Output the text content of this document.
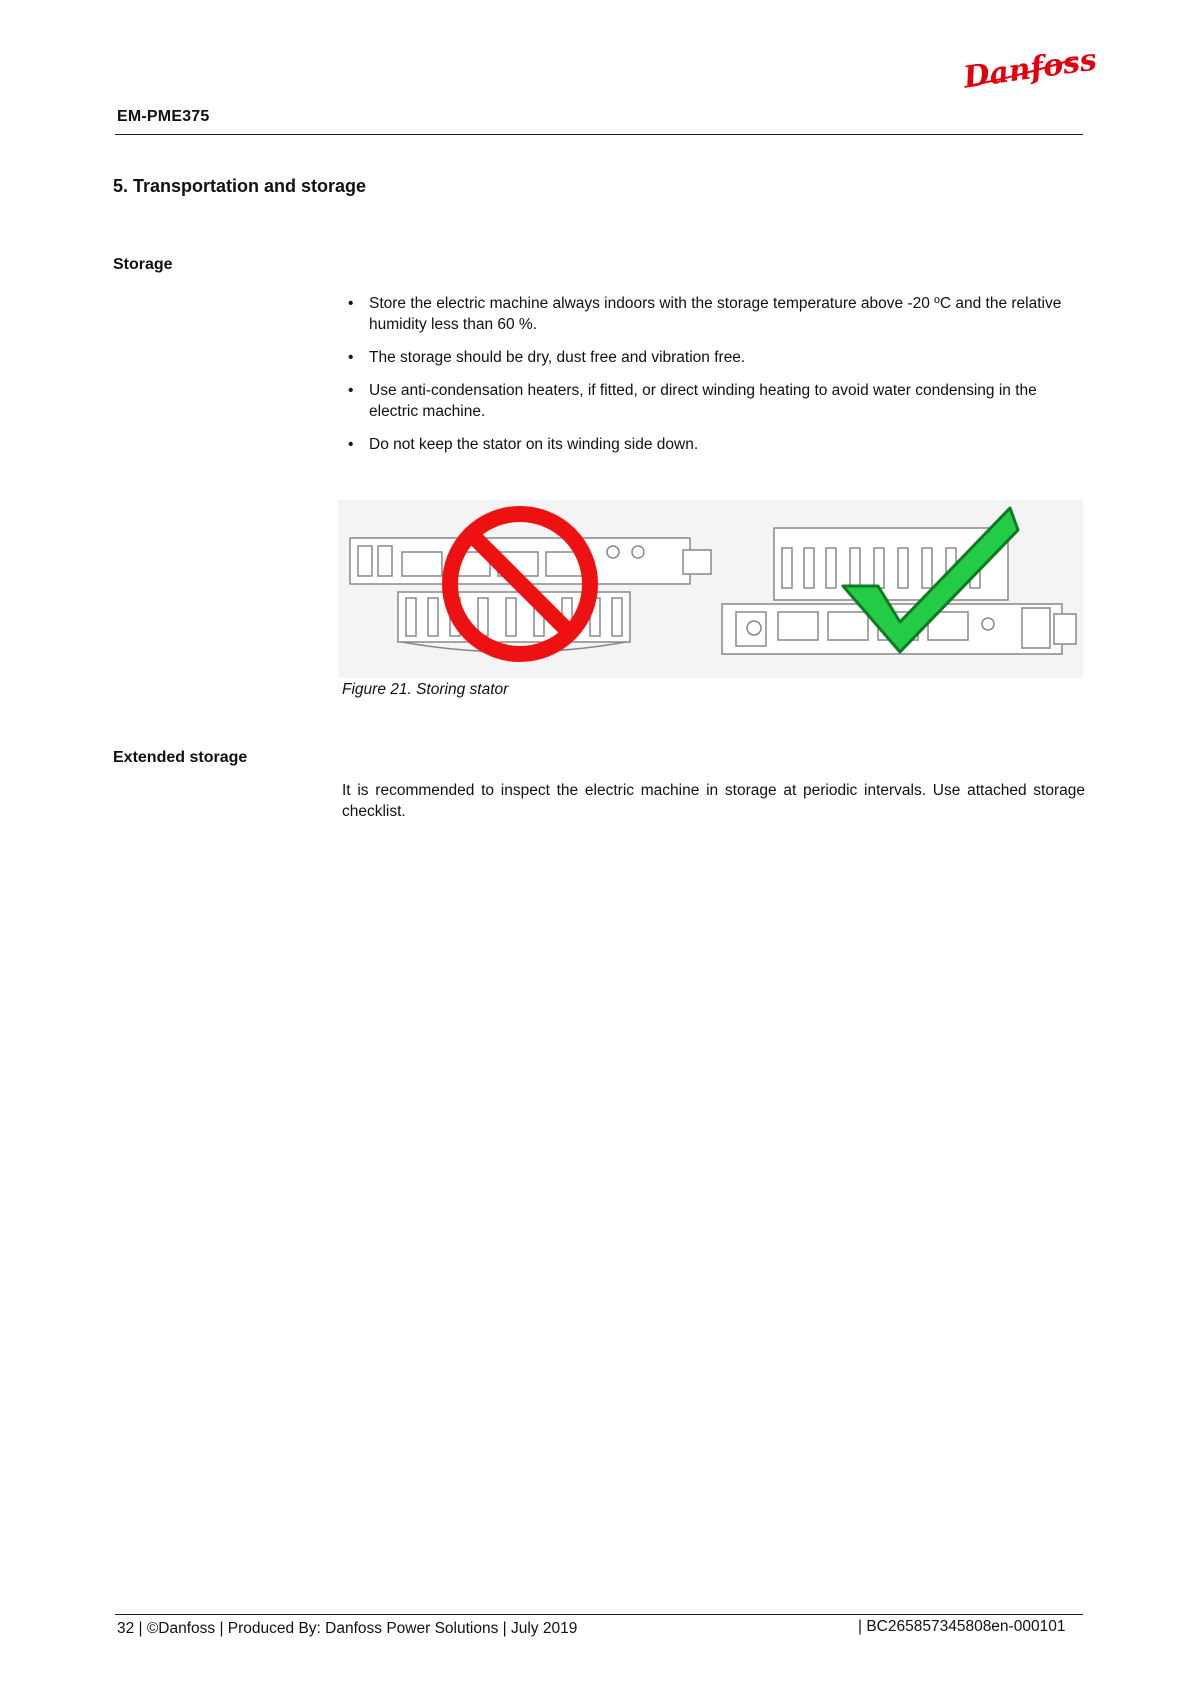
EM-PME375
Danfoss
5. Transportation and storage
Storage
• Store the electric machine always indoors with the storage temperature above -20 ºC and the relative humidity less than 60 %.
• The storage should be dry, dust free and vibration free.
• Use anti-condensation heaters, if fitted, or direct winding heating to avoid water condensing in the electric machine.
• Do not keep the stator on its winding side down.
Figure 21. Storing stator
Extended storage
It is recommended to inspect the electric machine in storage at periodic intervals. Use attached storage checklist.
32 | ©Danfoss | Produced By: Danfoss Power Solutions | July 2019	| BC265857345808en-000101
